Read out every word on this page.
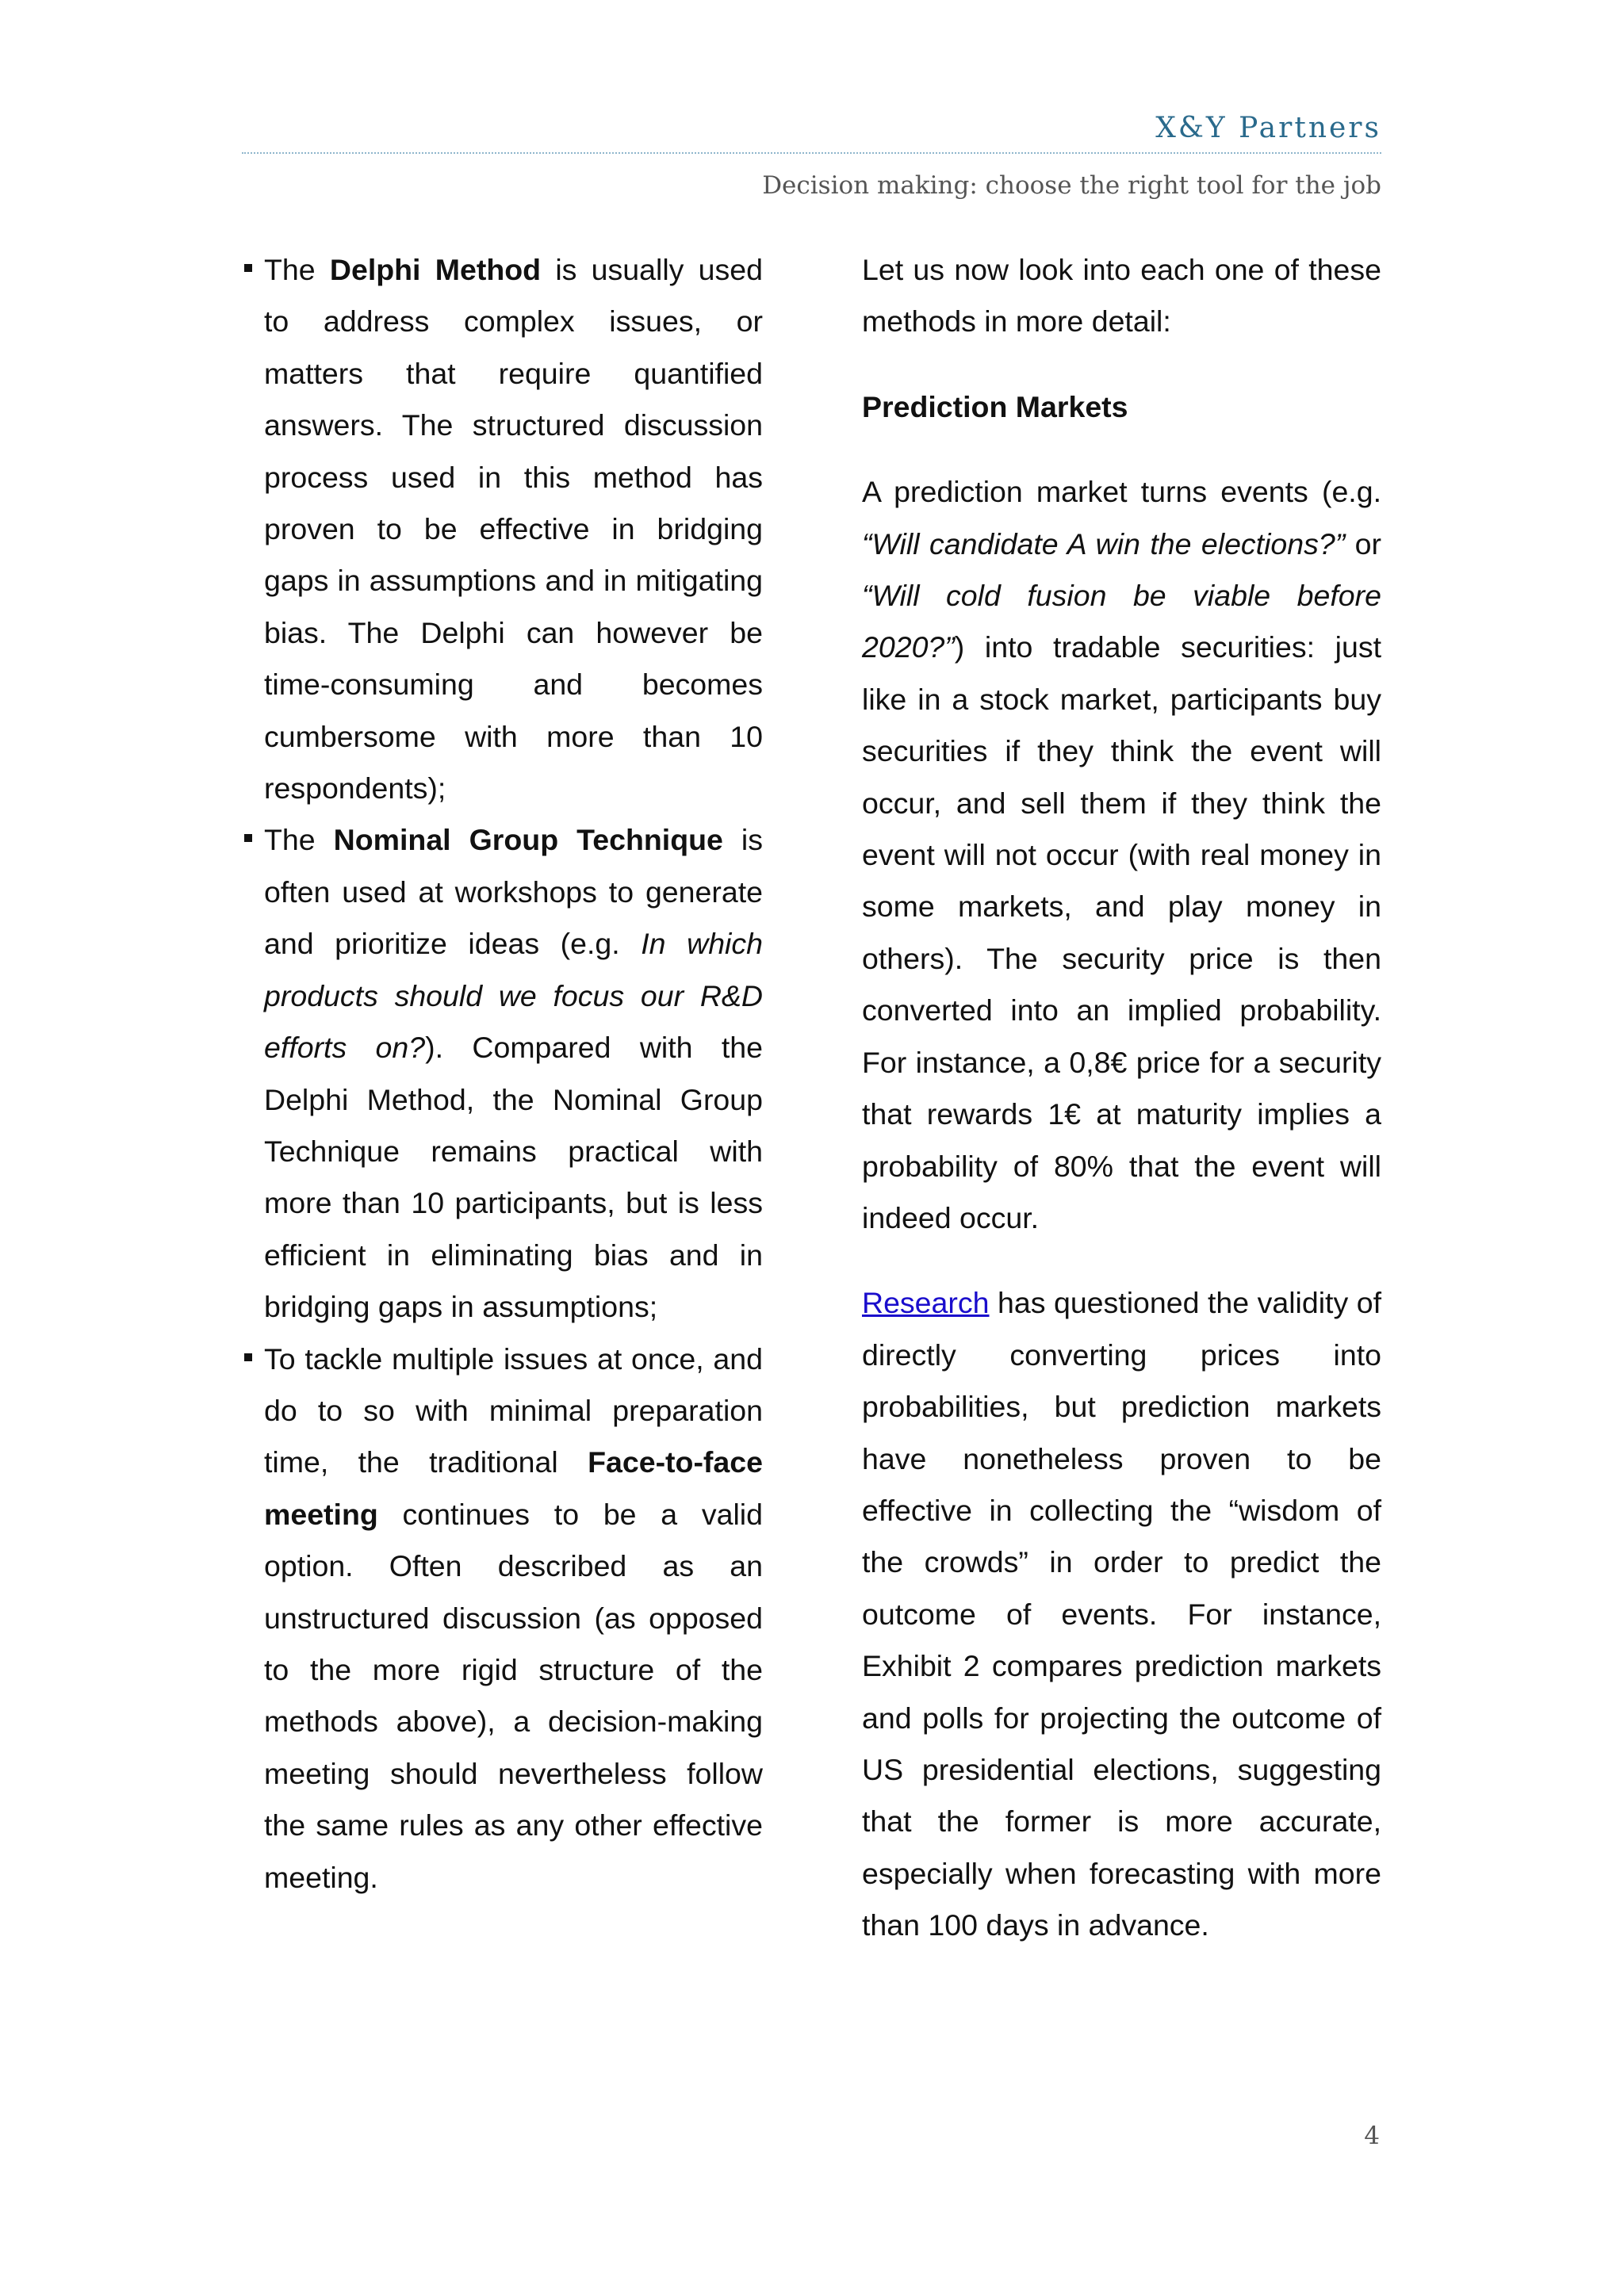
X&Y Partners
Decision making: choose the right tool for the job
The Delphi Method is usually used to address complex issues, or matters that require quantified answers. The structured discussion process used in this method has proven to be effective in bridging gaps in assumptions and in mitigating bias. The Delphi can however be time-consuming and becomes cumbersome with more than 10 respondents);
The Nominal Group Technique is often used at workshops to generate and prioritize ideas (e.g. In which products should we focus our R&D efforts on?). Compared with the Delphi Method, the Nominal Group Technique remains practical with more than 10 participants, but is less efficient in eliminating bias and in bridging gaps in assumptions;
To tackle multiple issues at once, and do to so with minimal preparation time, the traditional Face-to-face meeting continues to be a valid option. Often described as an unstructured discussion (as opposed to the more rigid structure of the methods above), a decision-making meeting should nevertheless follow the same rules as any other effective meeting.

Let us now look into each one of these methods in more detail:

Prediction Markets

A prediction market turns events (e.g. “Will candidate A win the elections?” or “Will cold fusion be viable before 2020?”) into tradable securities: just like in a stock market, participants buy securities if they think the event will occur, and sell them if they think the event will not occur (with real money in some markets, and play money in others). The security price is then converted into an implied probability. For instance, a 0,8€ price for a security that rewards 1€ at maturity implies a probability of 80% that the event will indeed occur.

Research has questioned the validity of directly converting prices into probabilities, but prediction markets have nonetheless proven to be effective in collecting the “wisdom of the crowds” in order to predict the outcome of events. For instance, Exhibit 2 compares prediction markets and polls for projecting the outcome of US presidential elections, suggesting that the former is more accurate, especially when forecasting with more than 100 days in advance.

4
